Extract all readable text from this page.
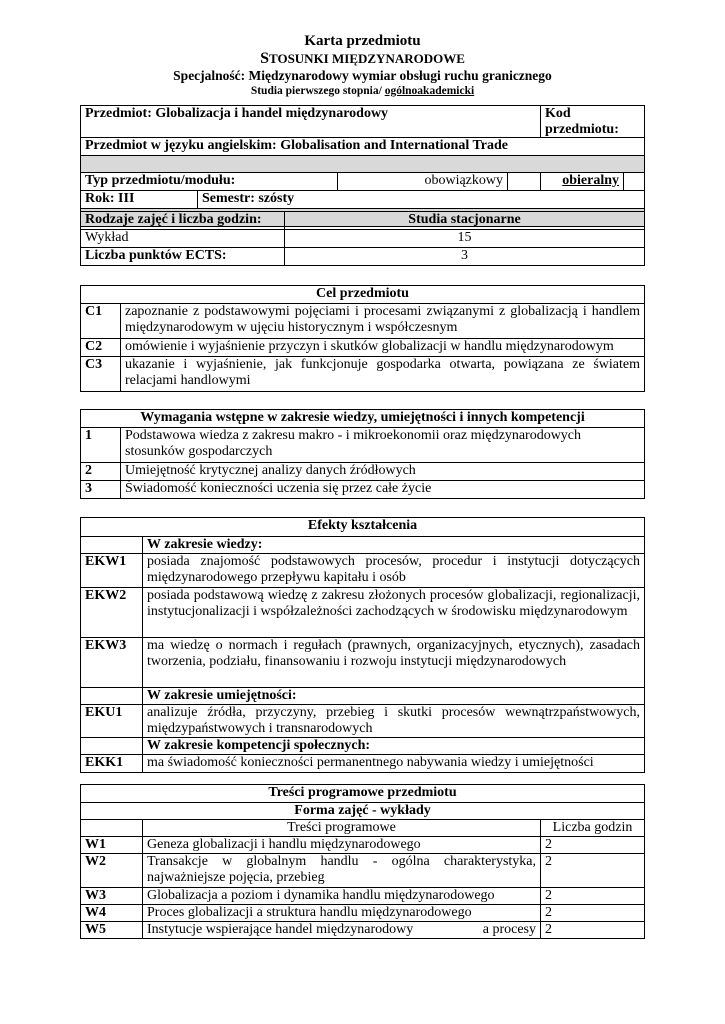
Karta przedmiotu
STOSUNKI MIĘDZYNARODOWE
Specjalność: Międzynarodowy wymiar obsługi ruchu granicznego
Studia pierwszego stopnia/ ogólnoakademicki
Przedmiot: Globalizacja i handel międzynarodowy				Kod przedmiotu:	
Przedmiot w języku angielskim: Globalisation and International Trade					

Typ przedmiotu/modułu:		obowiązkowy		obieralny	
Rok: III	Semestr: szósty				

Rodzaje zajęć i liczba godzin:	Studia stacjonarne
Wykład	15
Liczba punktów ECTS:	3
Cel przedmiotu	
C1	zapoznanie z podstawowymi pojęciami i procesami związanymi z globalizacją i handlem międzynarodowym w ujęciu historycznym i współczesnym
C2	omówienie i wyjaśnienie przyczyn i skutków globalizacji w handlu międzynarodowym
C3	ukazanie i wyjaśnienie, jak funkcjonuje gospodarka otwarta, powiązana ze światem relacjami handlowymi
Wymagania wstępne w zakresie wiedzy, umiejętności i innych kompetencji	
1	Podstawowa wiedza z zakresu makro - i mikroekonomii oraz międzynarodowych stosunków gospodarczych
2	Umiejętność krytycznej analizy danych źródłowych
3	Świadomość konieczności uczenia się przez całe życie
Efekty kształcenia	
	W zakresie wiedzy:
EKW1	posiada znajomość podstawowych procesów, procedur i instytucji dotyczących międzynarodowego przepływu kapitału i osób
EKW2	posiada podstawową wiedzę z zakresu złożonych procesów globalizacji, regionalizacji, instytucjonalizacji i współzależności zachodzących w środowisku międzynarodowym
EKW3	ma wiedzę o normach i regułach (prawnych, organizacyjnych, etycznych), zasadach tworzenia, podziału, finansowaniu i rozwoju instytucji międzynarodowych
	W zakresie umiejętności:
EKU1	analizuje źródła, przyczyny, przebieg i skutki procesów wewnątrzpaństwowych, międzypaństwowych i transnarodowych
	W zakresie kompetencji społecznych:
EKK1	ma świadomość konieczności permanentnego nabywania wiedzy i umiejętności
Treści programowe przedmiotu		
Forma zajęć - wykłady		
	Treści programowe	Liczba godzin
W1	Geneza globalizacji i handlu międzynarodowego	2
W2	Transakcje w globalnym handlu - ogólna charakterystyka, najważniejsze pojęcia, przebieg	2
W3	Globalizacja a poziom i dynamika handlu międzynarodowego	2
W4	Proces globalizacji a struktura handlu międzynarodowego	2
W5	Instytucje wspierające handel międzynarodowy a procesy	2
